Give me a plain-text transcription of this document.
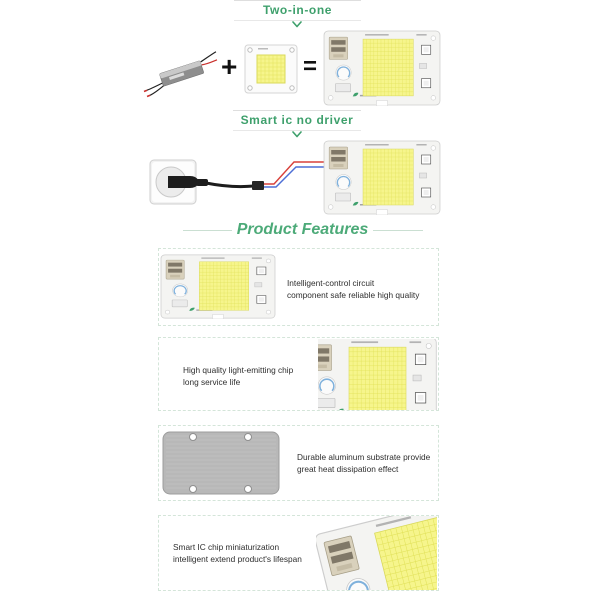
Two-in-one
+	=
Smart ic no driver
Product Features
Intelligent-control circuit
component safe reliable high quality
High quality light-emitting chip
long service life
Durable aluminum substrate provide
great heat dissipation effect
Smart IC chip miniaturization
intelligent extend product's lifespan
